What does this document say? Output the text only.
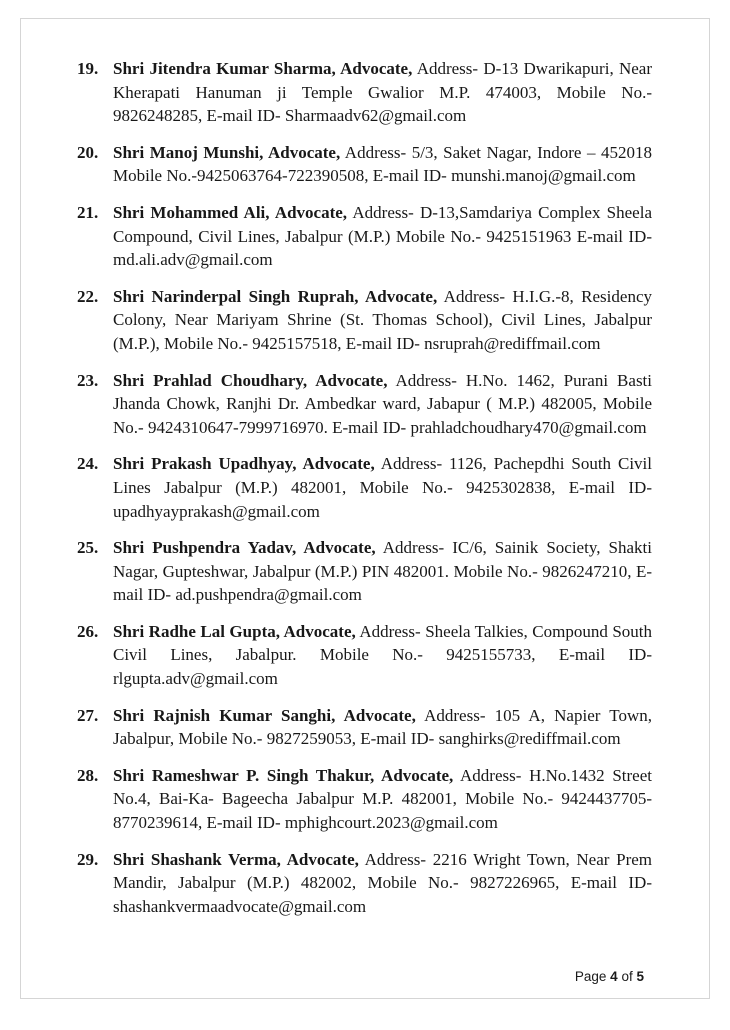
19. Shri Jitendra Kumar Sharma, Advocate, Address- D-13 Dwarikapuri, Near Kherapati Hanuman ji Temple Gwalior M.P. 474003, Mobile No.- 9826248285, E-mail ID- Sharmaadv62@gmail.com
20. Shri Manoj Munshi, Advocate, Address- 5/3, Saket Nagar, Indore – 452018 Mobile No.-9425063764-722390508, E-mail ID- munshi.manoj@gmail.com
21. Shri Mohammed Ali, Advocate, Address- D-13,Samdariya Complex Sheela Compound, Civil Lines, Jabalpur (M.P.) Mobile No.- 9425151963 E-mail ID- md.ali.adv@gmail.com
22. Shri Narinderpal Singh Ruprah, Advocate, Address- H.I.G.-8, Residency Colony, Near Mariyam Shrine (St. Thomas School), Civil Lines, Jabalpur (M.P.), Mobile No.- 9425157518, E-mail ID- nsruprah@rediffmail.com
23. Shri Prahlad Choudhary, Advocate, Address- H.No. 1462, Purani Basti Jhanda Chowk, Ranjhi Dr. Ambedkar ward, Jabapur ( M.P.) 482005, Mobile No.- 9424310647-7999716970. E-mail ID- prahladchoudhary470@gmail.com
24. Shri Prakash Upadhyay, Advocate, Address- 1126, Pachepdhi South Civil Lines Jabalpur (M.P.) 482001, Mobile No.- 9425302838, E-mail ID- upadhyayprakash@gmail.com
25. Shri Pushpendra Yadav, Advocate, Address- IC/6, Sainik Society, Shakti Nagar, Gupteshwar, Jabalpur (M.P.) PIN 482001. Mobile No.- 9826247210, E-mail ID- ad.pushpendra@gmail.com
26. Shri Radhe Lal Gupta, Advocate, Address- Sheela Talkies, Compound South Civil Lines, Jabalpur. Mobile No.- 9425155733, E-mail ID- rlgupta.adv@gmail.com
27. Shri Rajnish Kumar Sanghi, Advocate, Address- 105 A, Napier Town, Jabalpur, Mobile No.- 9827259053, E-mail ID- sanghirks@rediffmail.com
28. Shri Rameshwar P. Singh Thakur, Advocate, Address- H.No.1432 Street No.4, Bai-Ka- Bageecha Jabalpur M.P. 482001, Mobile No.- 9424437705-8770239614, E-mail ID- mphighcourt.2023@gmail.com
29. Shri Shashank Verma, Advocate, Address- 2216 Wright Town, Near Prem Mandir, Jabalpur (M.P.) 482002, Mobile No.- 9827226965, E-mail ID- shashankvermaadvocate@gmail.com
Page 4 of 5
